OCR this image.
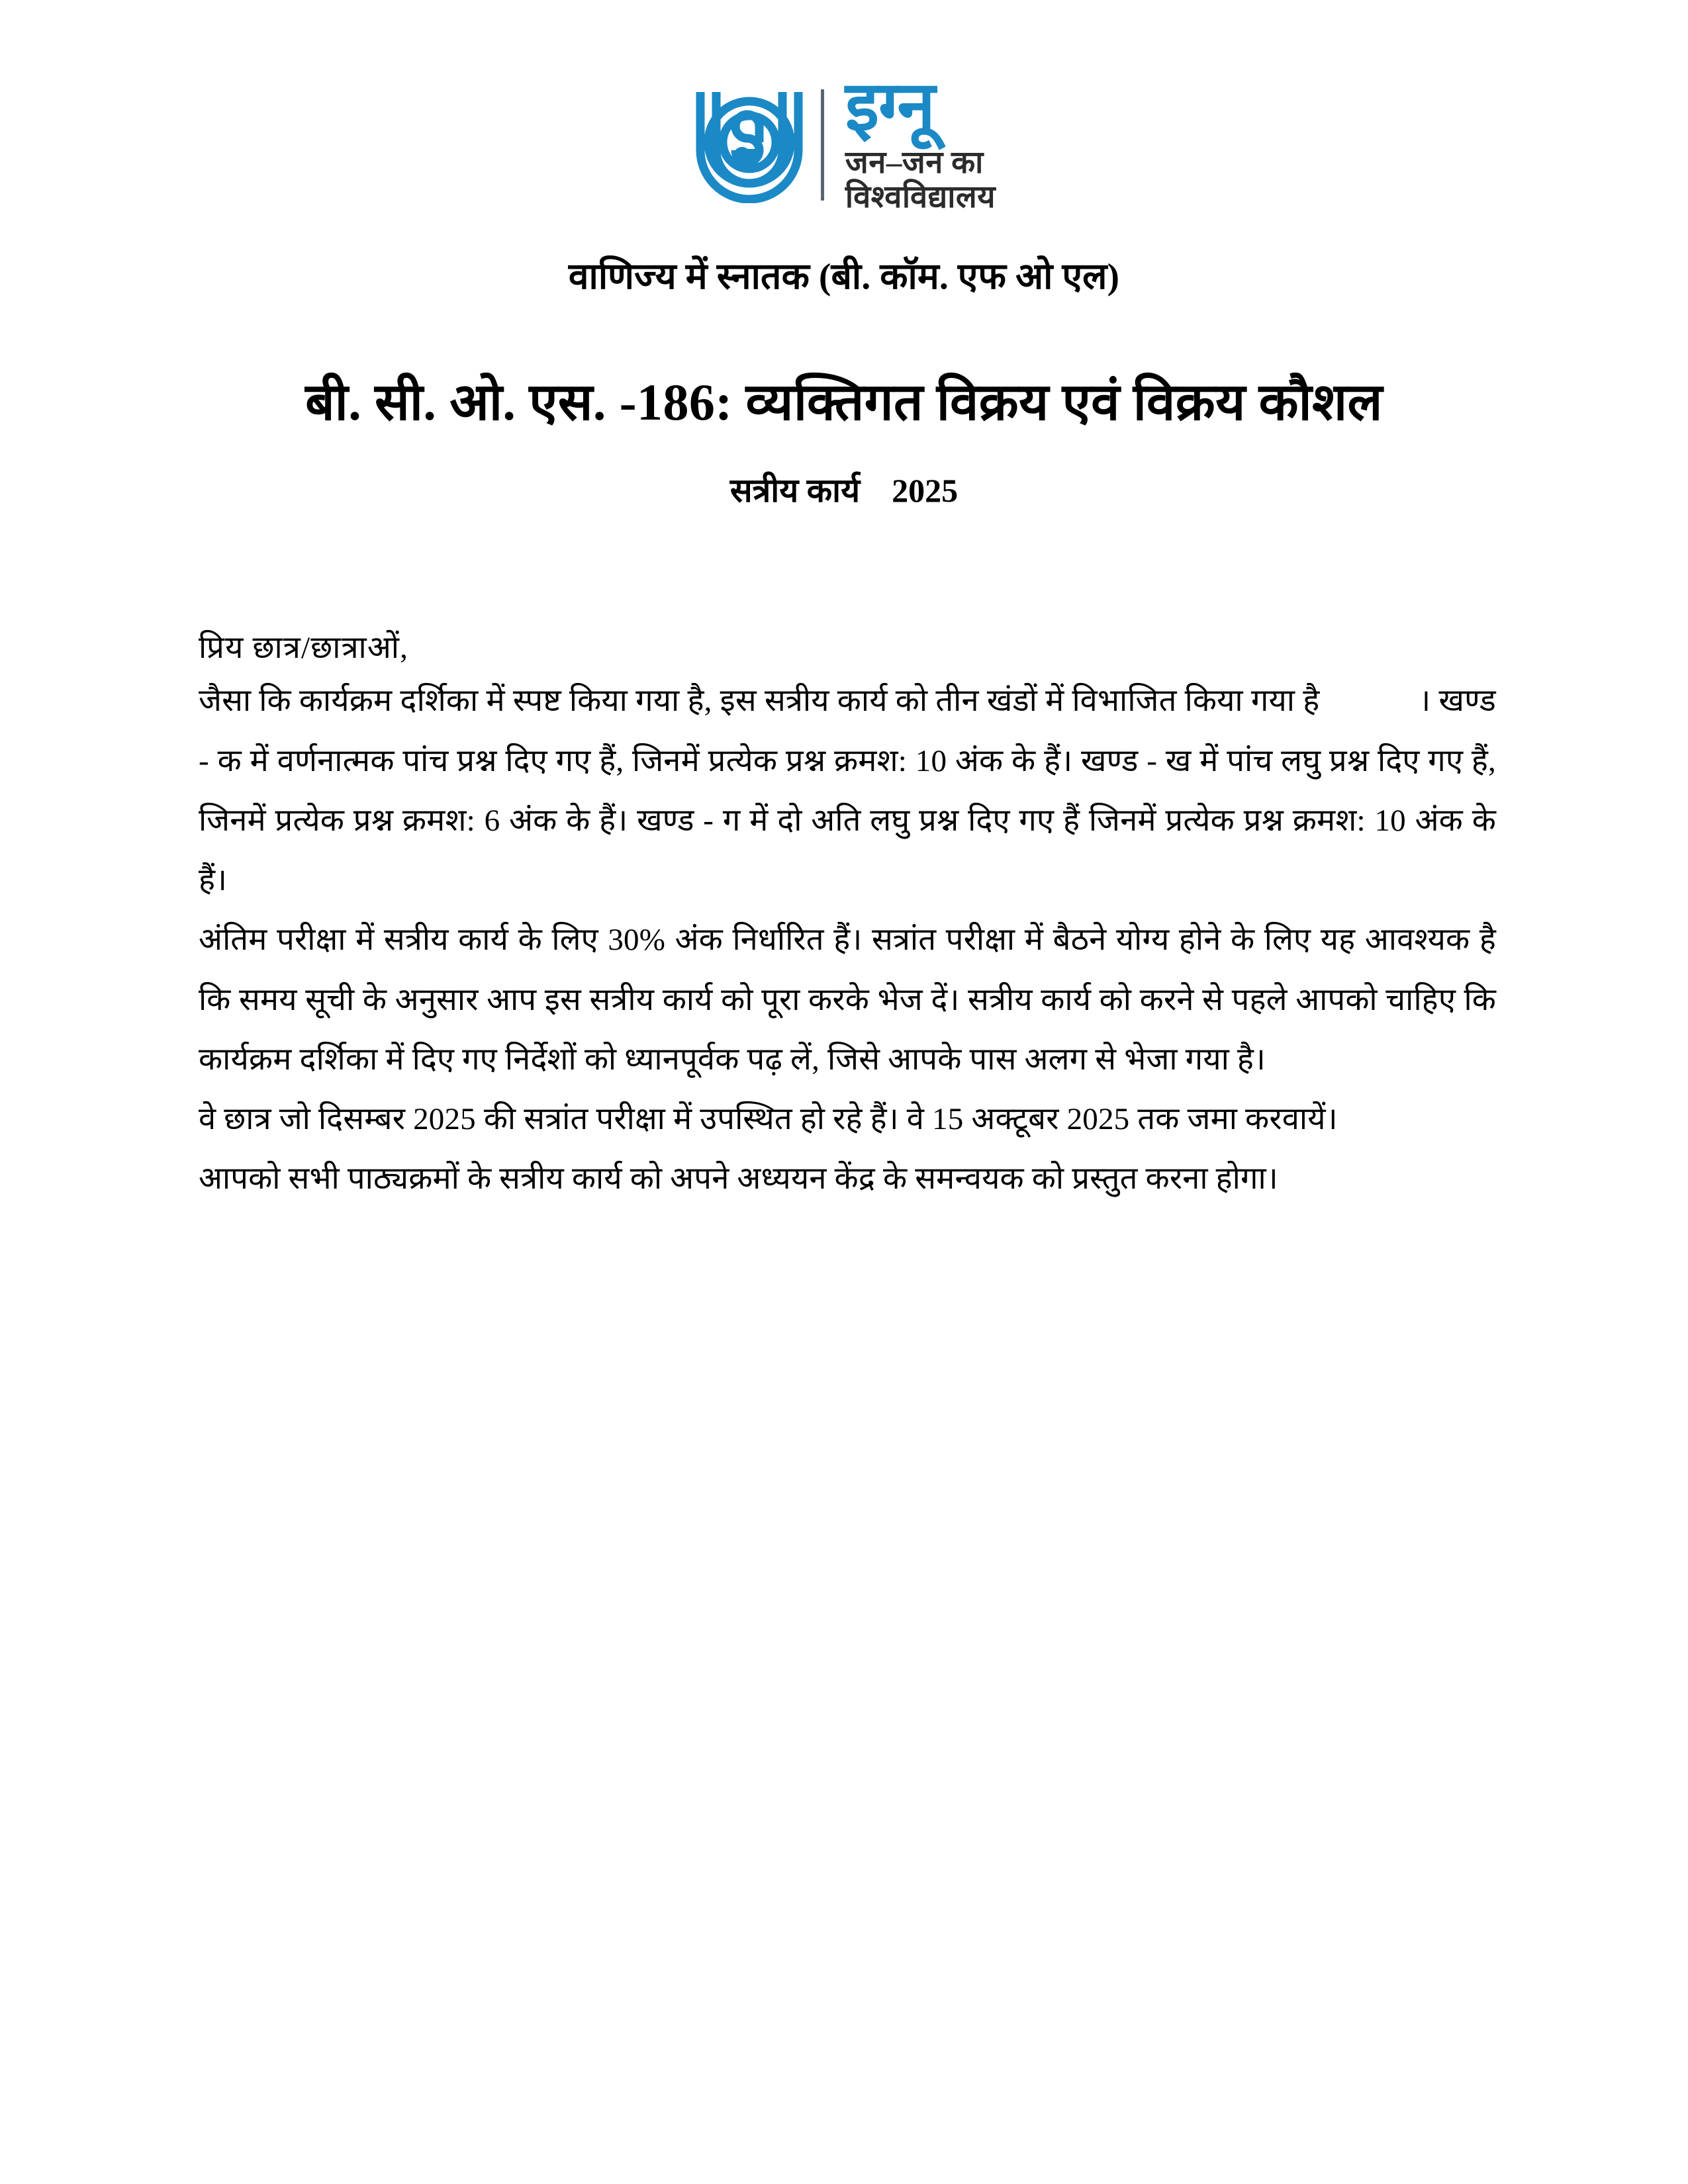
इग्नू
जन–जन का
विश्वविद्यालय
वाणिज्य में स्नातक (बी. कॉम. एफ ओ एल)
बी. सी. ओ. एस. -186: व्यक्तिगत विक्रय एवं विक्रय कौशल
सत्रीय कार्य 2025
प्रिय छात्र/छात्राओं,

जैसा कि कार्यक्रम दर्शिका में स्पष्ट किया गया है, इस सत्रीय कार्य को तीन खंडों में विभाजित किया गया है	। खण्ड - क में वर्णनात्मक पांच प्रश्न दिए गए हैं, जिनमें प्रत्येक प्रश्न क्रमश: 10 अंक के हैं। खण्ड - ख में पांच लघु प्रश्न दिए गए हैं, जिनमें प्रत्येक प्रश्न क्रमश: 6 अंक के हैं। खण्ड - ग में दो अति लघु प्रश्न दिए गए हैं जिनमें प्रत्येक प्रश्न क्रमश: 10 अंक के हैं।

अंतिम परीक्षा में सत्रीय कार्य के लिए 30% अंक निर्धारित हैं। सत्रांत परीक्षा में बैठने योग्य होने के लिए यह आवश्यक है कि समय सूची के अनुसार आप इस सत्रीय कार्य को पूरा करके भेज दें। सत्रीय कार्य को करने से पहले आपको चाहिए कि कार्यक्रम दर्शिका में दिए गए निर्देशों को ध्यानपूर्वक पढ़ लें, जिसे आपके पास अलग से भेजा गया है।

वे छात्र जो दिसम्बर 2025 की सत्रांत परीक्षा में उपस्थित हो रहे हैं। वे 15 अक्टूबर 2025 तक जमा करवायें।

आपको सभी पाठ्यक्रमों के सत्रीय कार्य को अपने अध्ययन केंद्र के समन्वयक को प्रस्तुत करना होगा।
